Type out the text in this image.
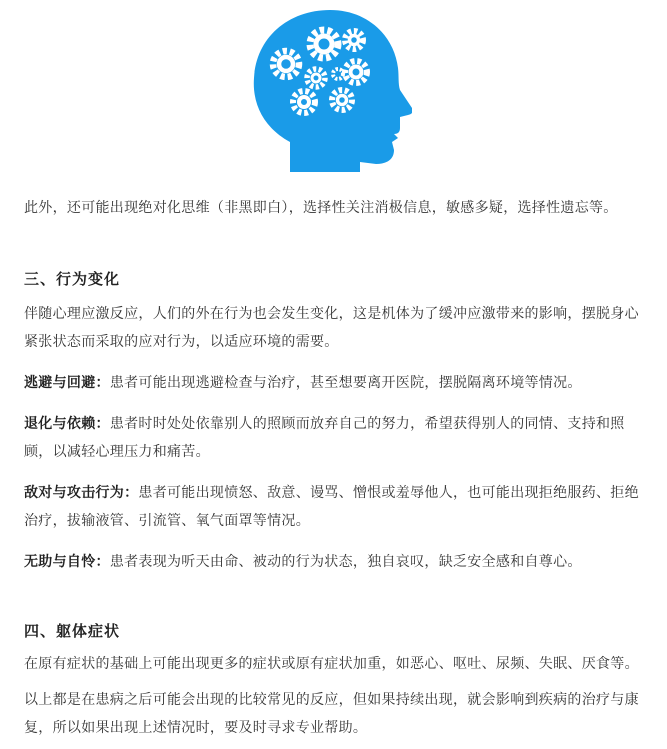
此外，还可能出现绝对化思维（非黑即白），选择性关注消极信息，敏感多疑，选择性遗忘等。

三、行为变化

伴随心理应激反应，人们的外在行为也会发生变化，这是机体为了缓冲应激带来的影响，摆脱身心紧张状态而采取的应对行为，以适应环境的需要。

逃避与回避：患者可能出现逃避检查与治疗，甚至想要离开医院，摆脱隔离环境等情况。

退化与依赖：患者时时处处依靠别人的照顾而放弃自己的努力，希望获得别人的同情、支持和照顾，以减轻心理压力和痛苦。

敌对与攻击行为：患者可能出现愤怒、敌意、谩骂、憎恨或羞辱他人，也可能出现拒绝服药、拒绝治疗，拔输液管、引流管、氧气面罩等情况。

无助与自怜：患者表现为听天由命、被动的行为状态，独自哀叹，缺乏安全感和自尊心。

四、躯体症状

在原有症状的基础上可能出现更多的症状或原有症状加重，如恶心、呕吐、尿频、失眠、厌食等。

以上都是在患病之后可能会出现的比较常见的反应，但如果持续出现，就会影响到疾病的治疗与康复，所以如果出现上述情况时，要及时寻求专业帮助。
